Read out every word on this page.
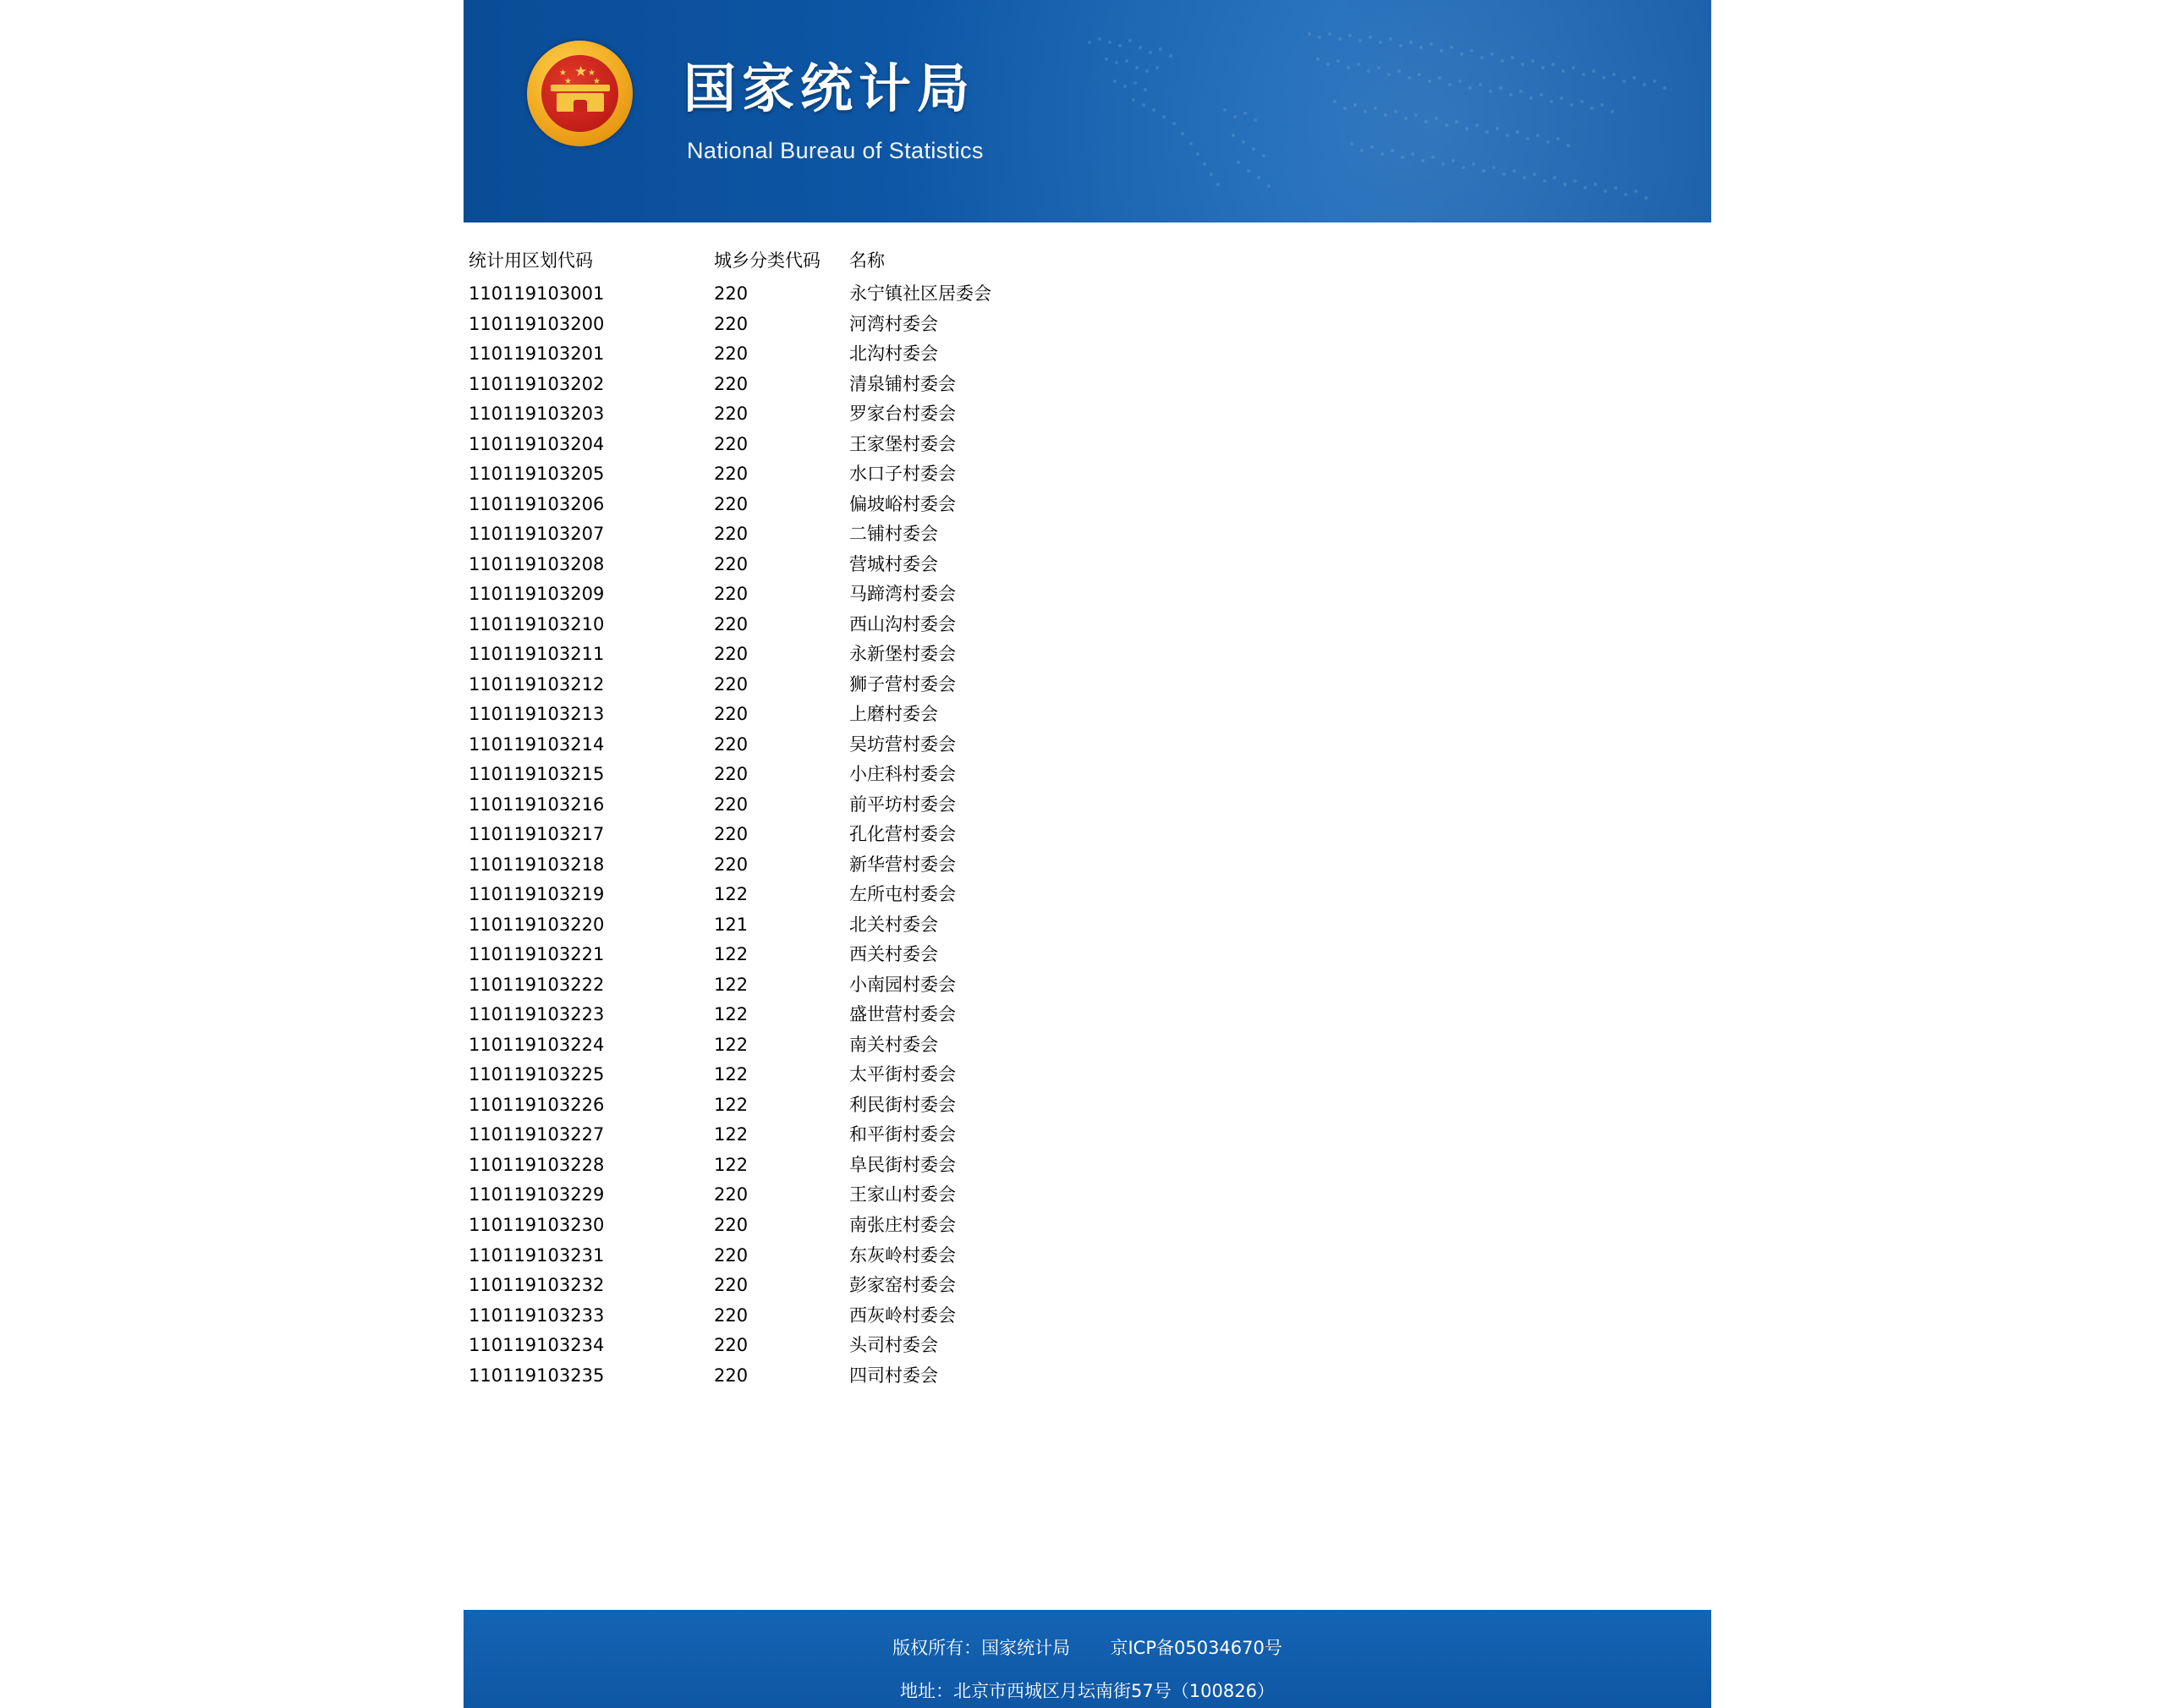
★
★
★
★
★ 国家统计局
National Bureau of Statistics
统计用区划代码	城乡分类代码	名称
110119103001	220	永宁镇社区居委会
110119103200	220	河湾村委会
110119103201	220	北沟村委会
110119103202	220	清泉铺村委会
110119103203	220	罗家台村委会
110119103204	220	王家堡村委会
110119103205	220	水口子村委会
110119103206	220	偏坡峪村委会
110119103207	220	二铺村委会
110119103208	220	营城村委会
110119103209	220	马蹄湾村委会
110119103210	220	西山沟村委会
110119103211	220	永新堡村委会
110119103212	220	狮子营村委会
110119103213	220	上磨村委会
110119103214	220	吴坊营村委会
110119103215	220	小庄科村委会
110119103216	220	前平坊村委会
110119103217	220	孔化营村委会
110119103218	220	新华营村委会
110119103219	122	左所屯村委会
110119103220	121	北关村委会
110119103221	122	西关村委会
110119103222	122	小南园村委会
110119103223	122	盛世营村委会
110119103224	122	南关村委会
110119103225	122	太平街村委会
110119103226	122	利民街村委会
110119103227	122	和平街村委会
110119103228	122	阜民街村委会
110119103229	220	王家山村委会
110119103230	220	南张庄村委会
110119103231	220	东灰岭村委会
110119103232	220	彭家窑村委会
110119103233	220	西灰岭村委会
110119103234	220	头司村委会
110119103235	220	四司村委会
版权所有：国家统计局 京ICP备05034670号
地址：北京市西城区月坛南街57号（100826）
